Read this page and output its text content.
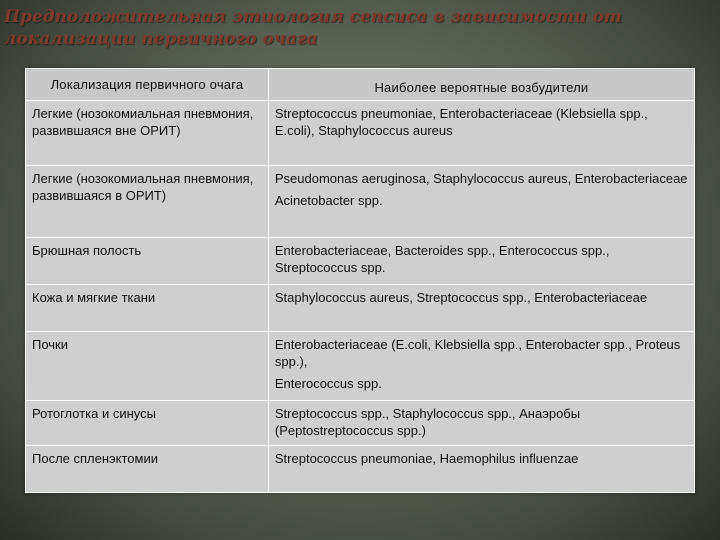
Предположительная этиология сепсиса в зависимости от локализации первичного очага
Локализация первичного очага	Наиболее вероятные возбудители
Легкие (нозокомиальная пневмония, развившаяся вне ОРИТ)	Streptococcus pneumoniae, Enterobacteriaceae (Klebsiella spp., E.coli), Staphylococcus aureus

Легкие (нозокомиальная пневмония, развившаяся в ОРИТ)	Pseudomonas aeruginosa, Staphylococcus aureus, Enterobacteriaceae
Acinetobacter spp.

Брюшная полость	Enterobacteriaceae, Bacteroides spp., Enterococcus spp., Streptococcus spp.

Кожа и мягкие ткани	Staphylococcus aureus, Streptococcus spp., Enterobacteriaceae

Почки	Enterobacteriaceae (E.coli, Klebsiella spp., Enterobacter spp., Proteus spp.),
Enterococcus spp.

Ротоглотка и синусы	Streptococcus spp., Staphylococcus spp., Анаэробы (Peptostreptococcus spp.)

После спленэктомии	Streptococcus pneumoniae, Haemophilus influenzae
